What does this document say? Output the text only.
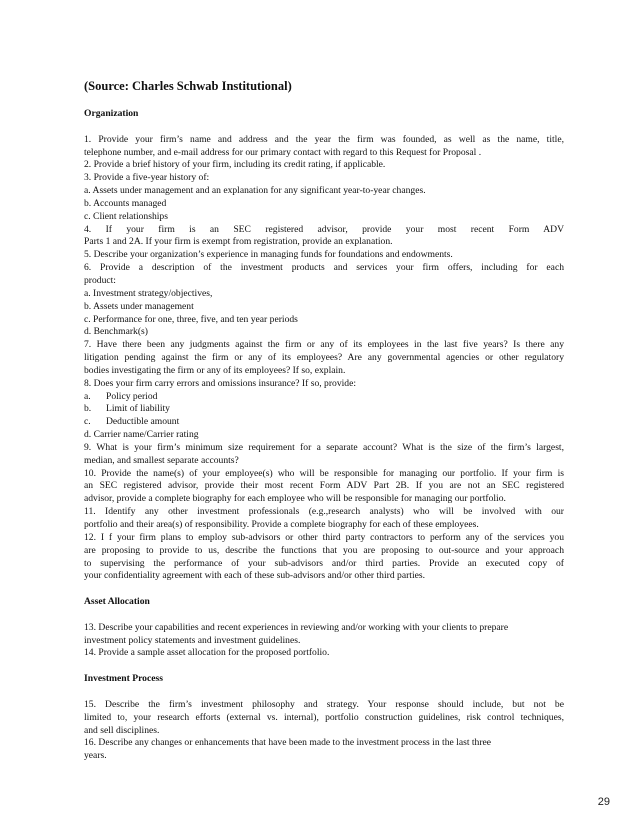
(Source: Charles Schwab Institutional)
Organization
1. Provide your firm’s name and address and the year the firm was founded, as well as the name, title,
telephone number, and e-mail address for our primary contact with regard to this Request for Proposal .
2. Provide a brief history of your firm, including its credit rating, if applicable.
3. Provide a five-year history of:
a. Assets under management and an explanation for any significant year-to-year changes.
b. Accounts managed
c. Client relationships
4. If your firm is an SEC registered advisor, provide your most recent Form ADV
Parts 1 and 2A. If your firm is exempt from registration, provide an explanation.
5. Describe your organization’s experience in managing funds for foundations and endowments.
6. Provide a description of the investment products and services your firm offers, including for each
product:
a. Investment strategy/objectives,
b. Assets under management
c. Performance for one, three, five, and ten year periods
d. Benchmark(s)
7. Have there been any judgments against the firm or any of its employees in the last five years? Is there any
litigation pending against the firm or any of its employees? Are any governmental agencies or other regulatory
bodies investigating the firm or any of its employees? If so, explain.
8. Does your firm carry errors and omissions insurance? If so, provide:
a. Policy period
b. Limit of liability
c. Deductible amount
d. Carrier name/Carrier rating
9. What is your firm’s minimum size requirement for a separate account? What is the size of the firm’s largest,
median, and smallest separate accounts?
10. Provide the name(s) of your employee(s) who will be responsible for managing our portfolio. If your firm is
an SEC registered advisor, provide their most recent Form ADV Part 2B. If you are not an SEC registered
advisor, provide a complete biography for each employee who will be responsible for managing our portfolio.
11. Identify any other investment professionals (e.g.,research analysts) who will be involved with our
portfolio and their area(s) of responsibility. Provide a complete biography for each of these employees.
12. I f your firm plans to employ sub-advisors or other third party contractors to perform any of the services you
are proposing to provide to us, describe the functions that you are proposing to out-source and your approach
to supervising the performance of your sub-advisors and/or third parties. Provide an executed copy of
your confidentiality agreement with each of these sub-advisors and/or other third parties.
Asset Allocation
13. Describe your capabilities and recent experiences in reviewing and/or working with your clients to prepare
investment policy statements and investment guidelines.
14. Provide a sample asset allocation for the proposed portfolio.
Investment Process
15. Describe the firm’s investment philosophy and strategy. Your response should include, but not be
limited to, your research efforts (external vs. internal), portfolio construction guidelines, risk control techniques,
and sell disciplines.
16. Describe any changes or enhancements that have been made to the investment process in the last three
years.
29
